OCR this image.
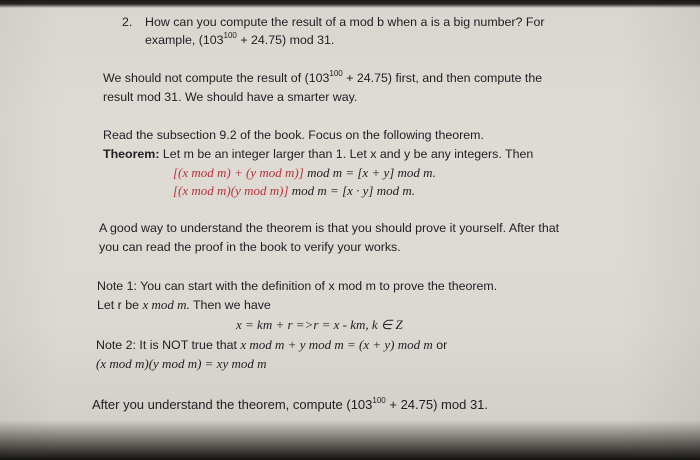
2. How can you compute the result of a mod b when a is a big number? For
example, $(103^{100} + 24.75)$ mod 31.
We should not compute the result of $(103^{100} + 24.75)$ first, and then compute the
result mod 31. We should have a smarter way.
Read the subsection 9.2 of the book. Focus on the following theorem.
Theorem: Let m be an integer larger than 1. Let x and y be any integers. Then
[(x mod m) + (y mod m)] mod m = [x + y] mod m.
[(x mod m)(y mod m)] mod m = [x · y] mod m.
A good way to understand the theorem is that you should prove it yourself. After that
you can read the proof in the book to verify your works.
Note 1: You can start with the definition of x mod m to prove the theorem.
Let r be x mod m. Then we have
x = km + r =>r = x - km, k ∈ Z
Note 2: It is NOT true that x mod m + y mod m = (x + y) mod m or
(x mod m)(y mod m) = xy mod m
After you understand the theorem, compute $(103^{100} + 24.75)$ mod 31.
